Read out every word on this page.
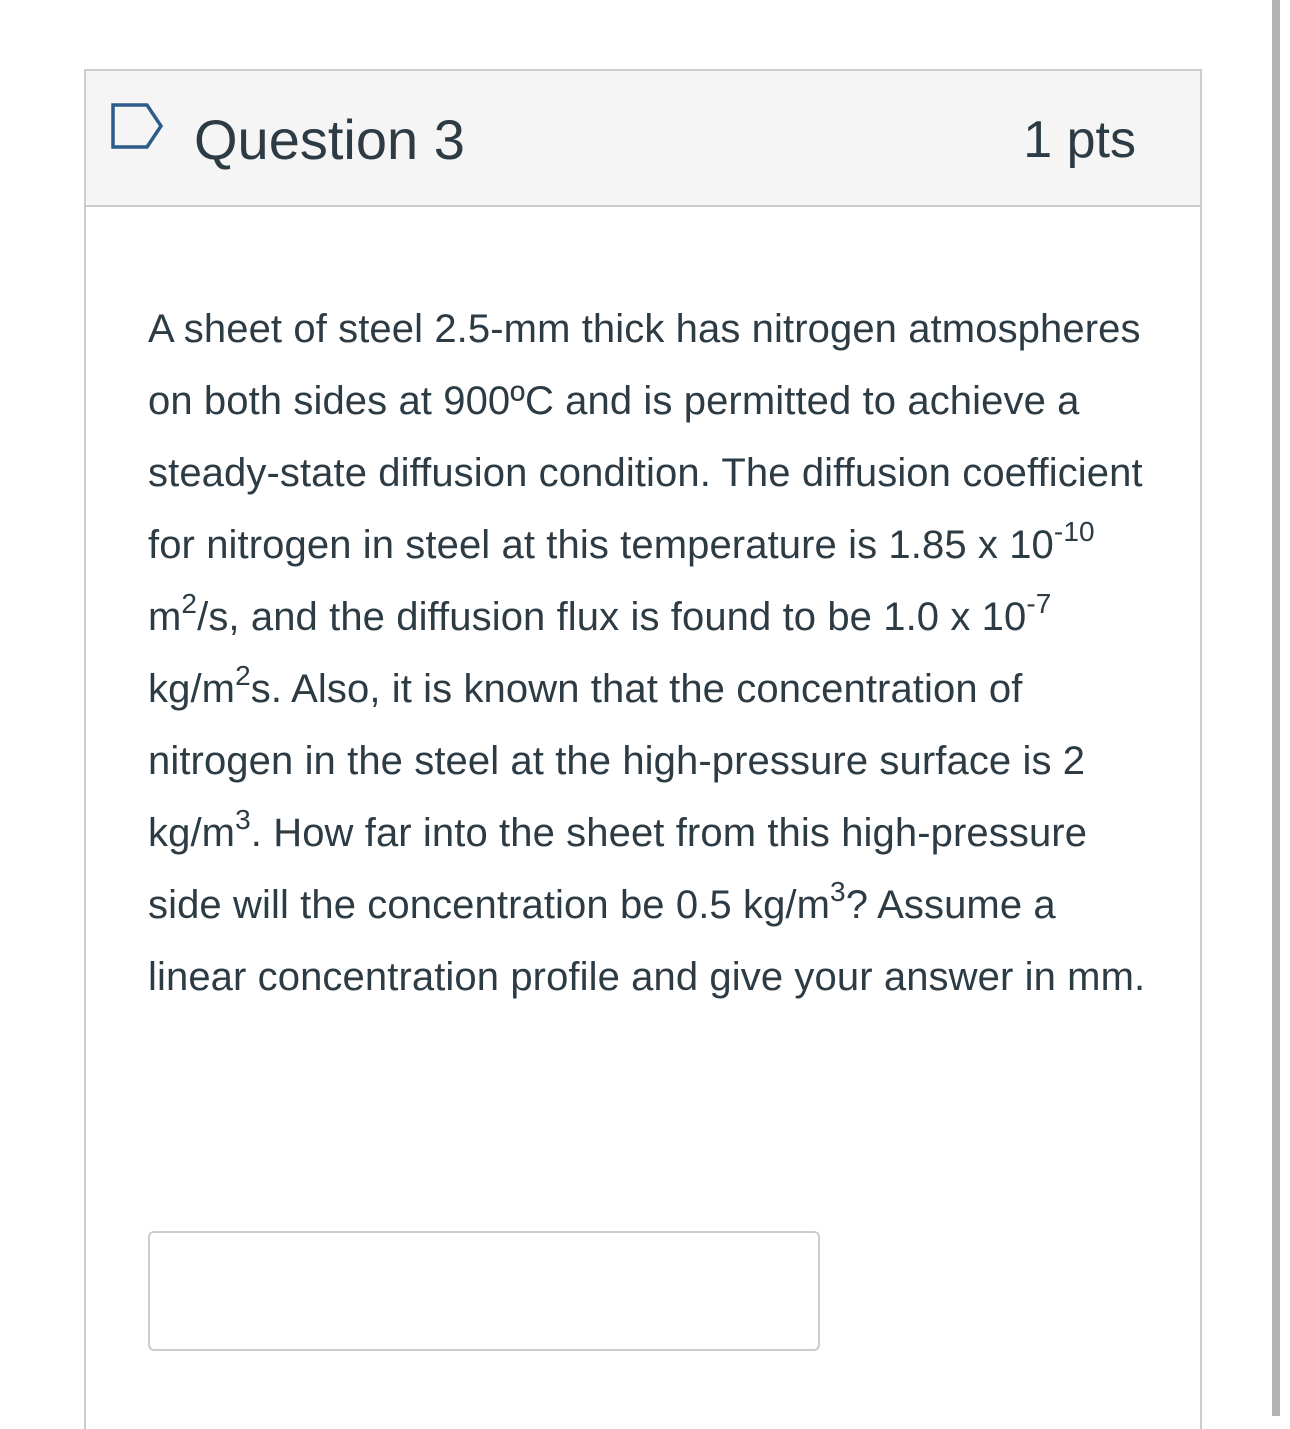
Question 3	1 pts

A sheet of steel 2.5-mm thick has nitrogen atmospheres on both sides at 900ºC and is permitted to achieve a steady-state diffusion condition. The diffusion coefficient for nitrogen in steel at this temperature is 1.85 x $10^{-10}$ $m^2/s$, and the diffusion flux is found to be 1.0 x $10^{-7}$ $kg/m^2s$. Also, it is known that the concentration of nitrogen in the steel at the high-pressure surface is 2 $kg/m^3$. How far into the sheet from this high-pressure side will the concentration be 0.5 $kg/m^3$? Assume a linear concentration profile and give your answer in mm.
